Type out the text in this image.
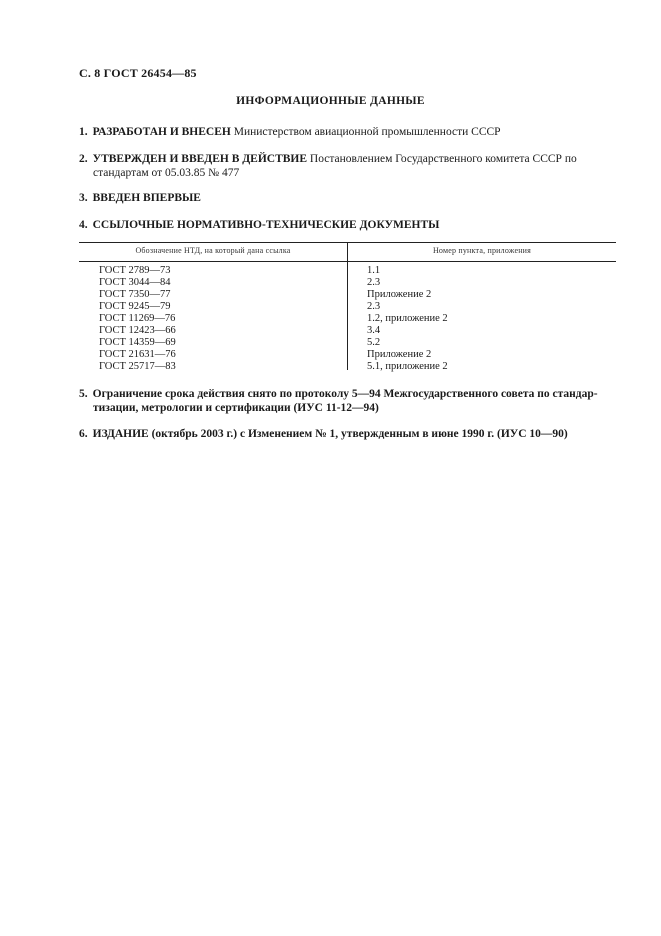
С. 8 ГОСТ 26454—85
ИНФОРМАЦИОННЫЕ ДАННЫЕ
1. РАЗРАБОТАН И ВНЕСЕН Министерством авиационной промышленности СССР
2. УТВЕРЖДЕН И ВВЕДЕН В ДЕЙСТВИЕ Постановлением Государственного комитета СССР по
стандартам от 05.03.85 № 477
3. ВВЕДЕН ВПЕРВЫЕ
4. ССЫЛОЧНЫЕ НОРМАТИВНО-ТЕХНИЧЕСКИЕ ДОКУМЕНТЫ
Обозначение НТД, на который дана ссылка	Номер пункта, приложения
ГОСТ 2789—73
ГОСТ 3044—84
ГОСТ 7350—77
ГОСТ 9245—79
ГОСТ 11269—76
ГОСТ 12423—66
ГОСТ 14359—69
ГОСТ 21631—76
ГОСТ 25717—83
1.1
2.3
Приложение 2
2.3
1.2, приложение 2
3.4
5.2
Приложение 2
5.1, приложение 2
5. Ограничение срока действия снято по протоколу 5—94 Межгосударственного совета по стандар-
тизации, метрологии и сертификации (ИУС 11-12—94)
6. ИЗДАНИЕ (октябрь 2003 г.) с Изменением № 1, утвержденным в июне 1990 г. (ИУС 10—90)
